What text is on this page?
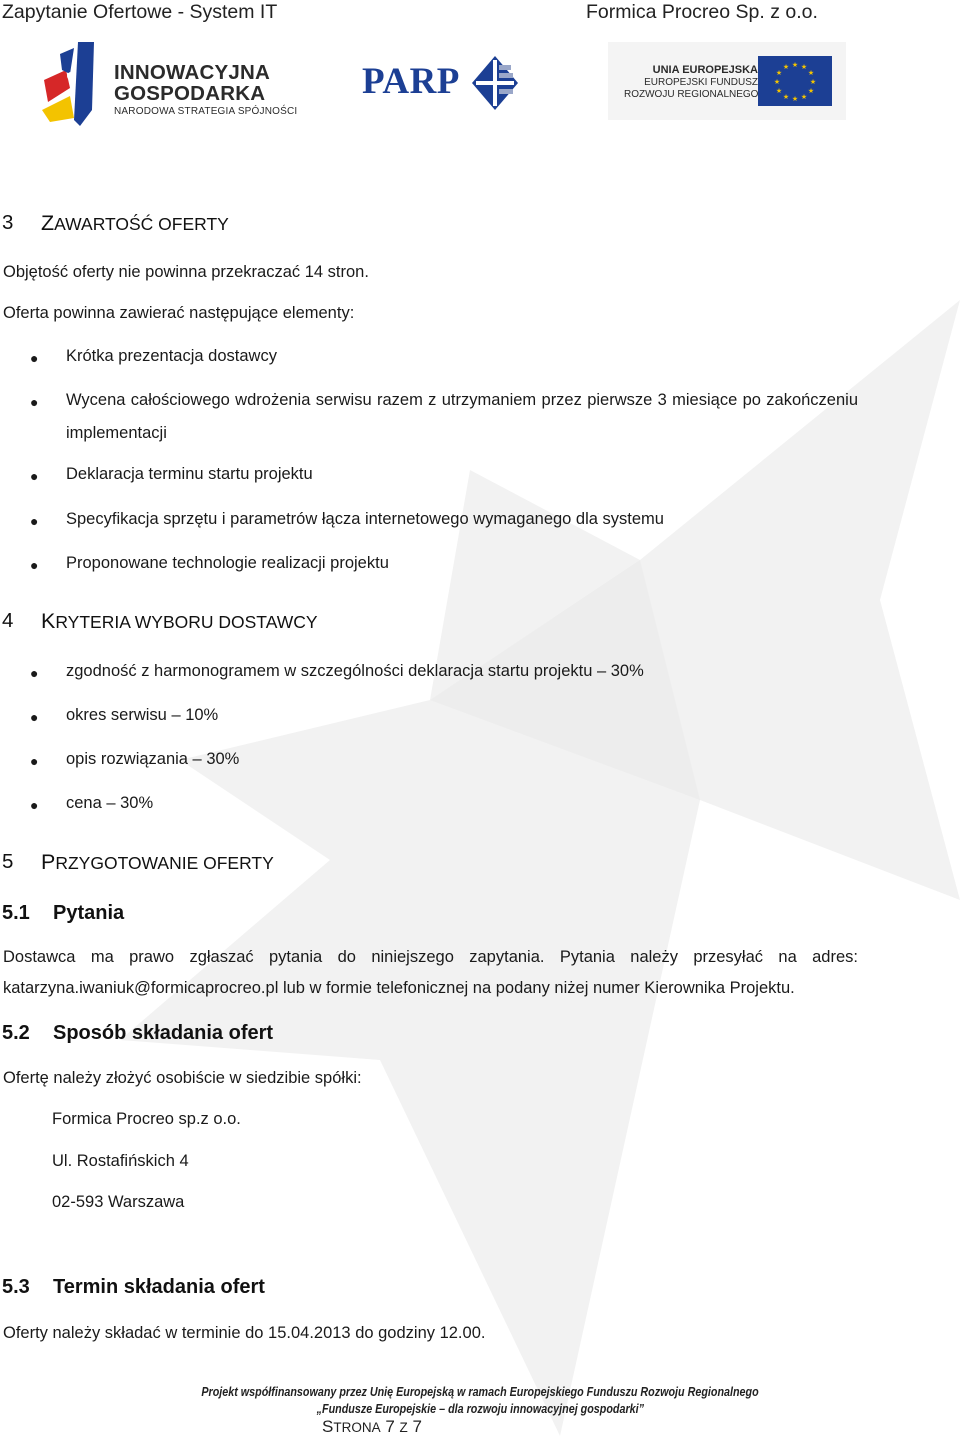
Zapytanie Ofertowe - System IT	Formica Procreo Sp. z o.o.
INNOWACYJNA
GOSPODARKA
NARODOWA STRATEGIA SPÓJNOŚCI
PARP	UNIA EUROPEJSKA
EUROPEJSKI FUNDUSZ
ROZWOJU REGIONALNEGO
★ ★
★
★
★
★
★
★
★
★
★
★
3 ZAWARTOŚĆ OFERTY
Objętość oferty nie powinna przekraczać 14 stron.
Oferta powinna zawierać następujące elementy:
● Krótka prezentacja dostawcy
● Wycena całościowego wdrożenia serwisu razem z utrzymaniem przez pierwsze 3 miesiące po zakończeniu implementacji
● Deklaracja terminu startu projektu
● Specyfikacja sprzętu i parametrów łącza internetowego wymaganego dla systemu
● Proponowane technologie realizacji projektu
4 KRYTERIA WYBORU DOSTAWCY
● zgodność z harmonogramem w szczególności deklaracja startu projektu – 30%
● okres serwisu – 10%
● opis rozwiązania – 30%
● cena – 30%
5 PRZYGOTOWANIE OFERTY
5.1 Pytania
Dostawca ma prawo zgłaszać pytania do niniejszego zapytania. Pytania należy przesyłać na adres: katarzyna.iwaniuk@formicaprocreo.pl lub w formie telefonicznej na podany niżej numer Kierownika Projektu.
5.2 Sposób składania ofert
Ofertę należy złożyć osobiście w siedzibie spółki:
Formica Procreo sp.z o.o.
Ul. Rostafińskich 4
02-593 Warszawa
5.3 Termin składania ofert
Oferty należy składać w terminie do 15.04.2013 do godziny 12.00.
Projekt współfinansowany przez Unię Europejską w ramach Europejskiego Funduszu Rozwoju Regionalnego
„Fundusze Europejskie – dla rozwoju innowacyjnej gospodarki”
STRONA 7 Z 7
